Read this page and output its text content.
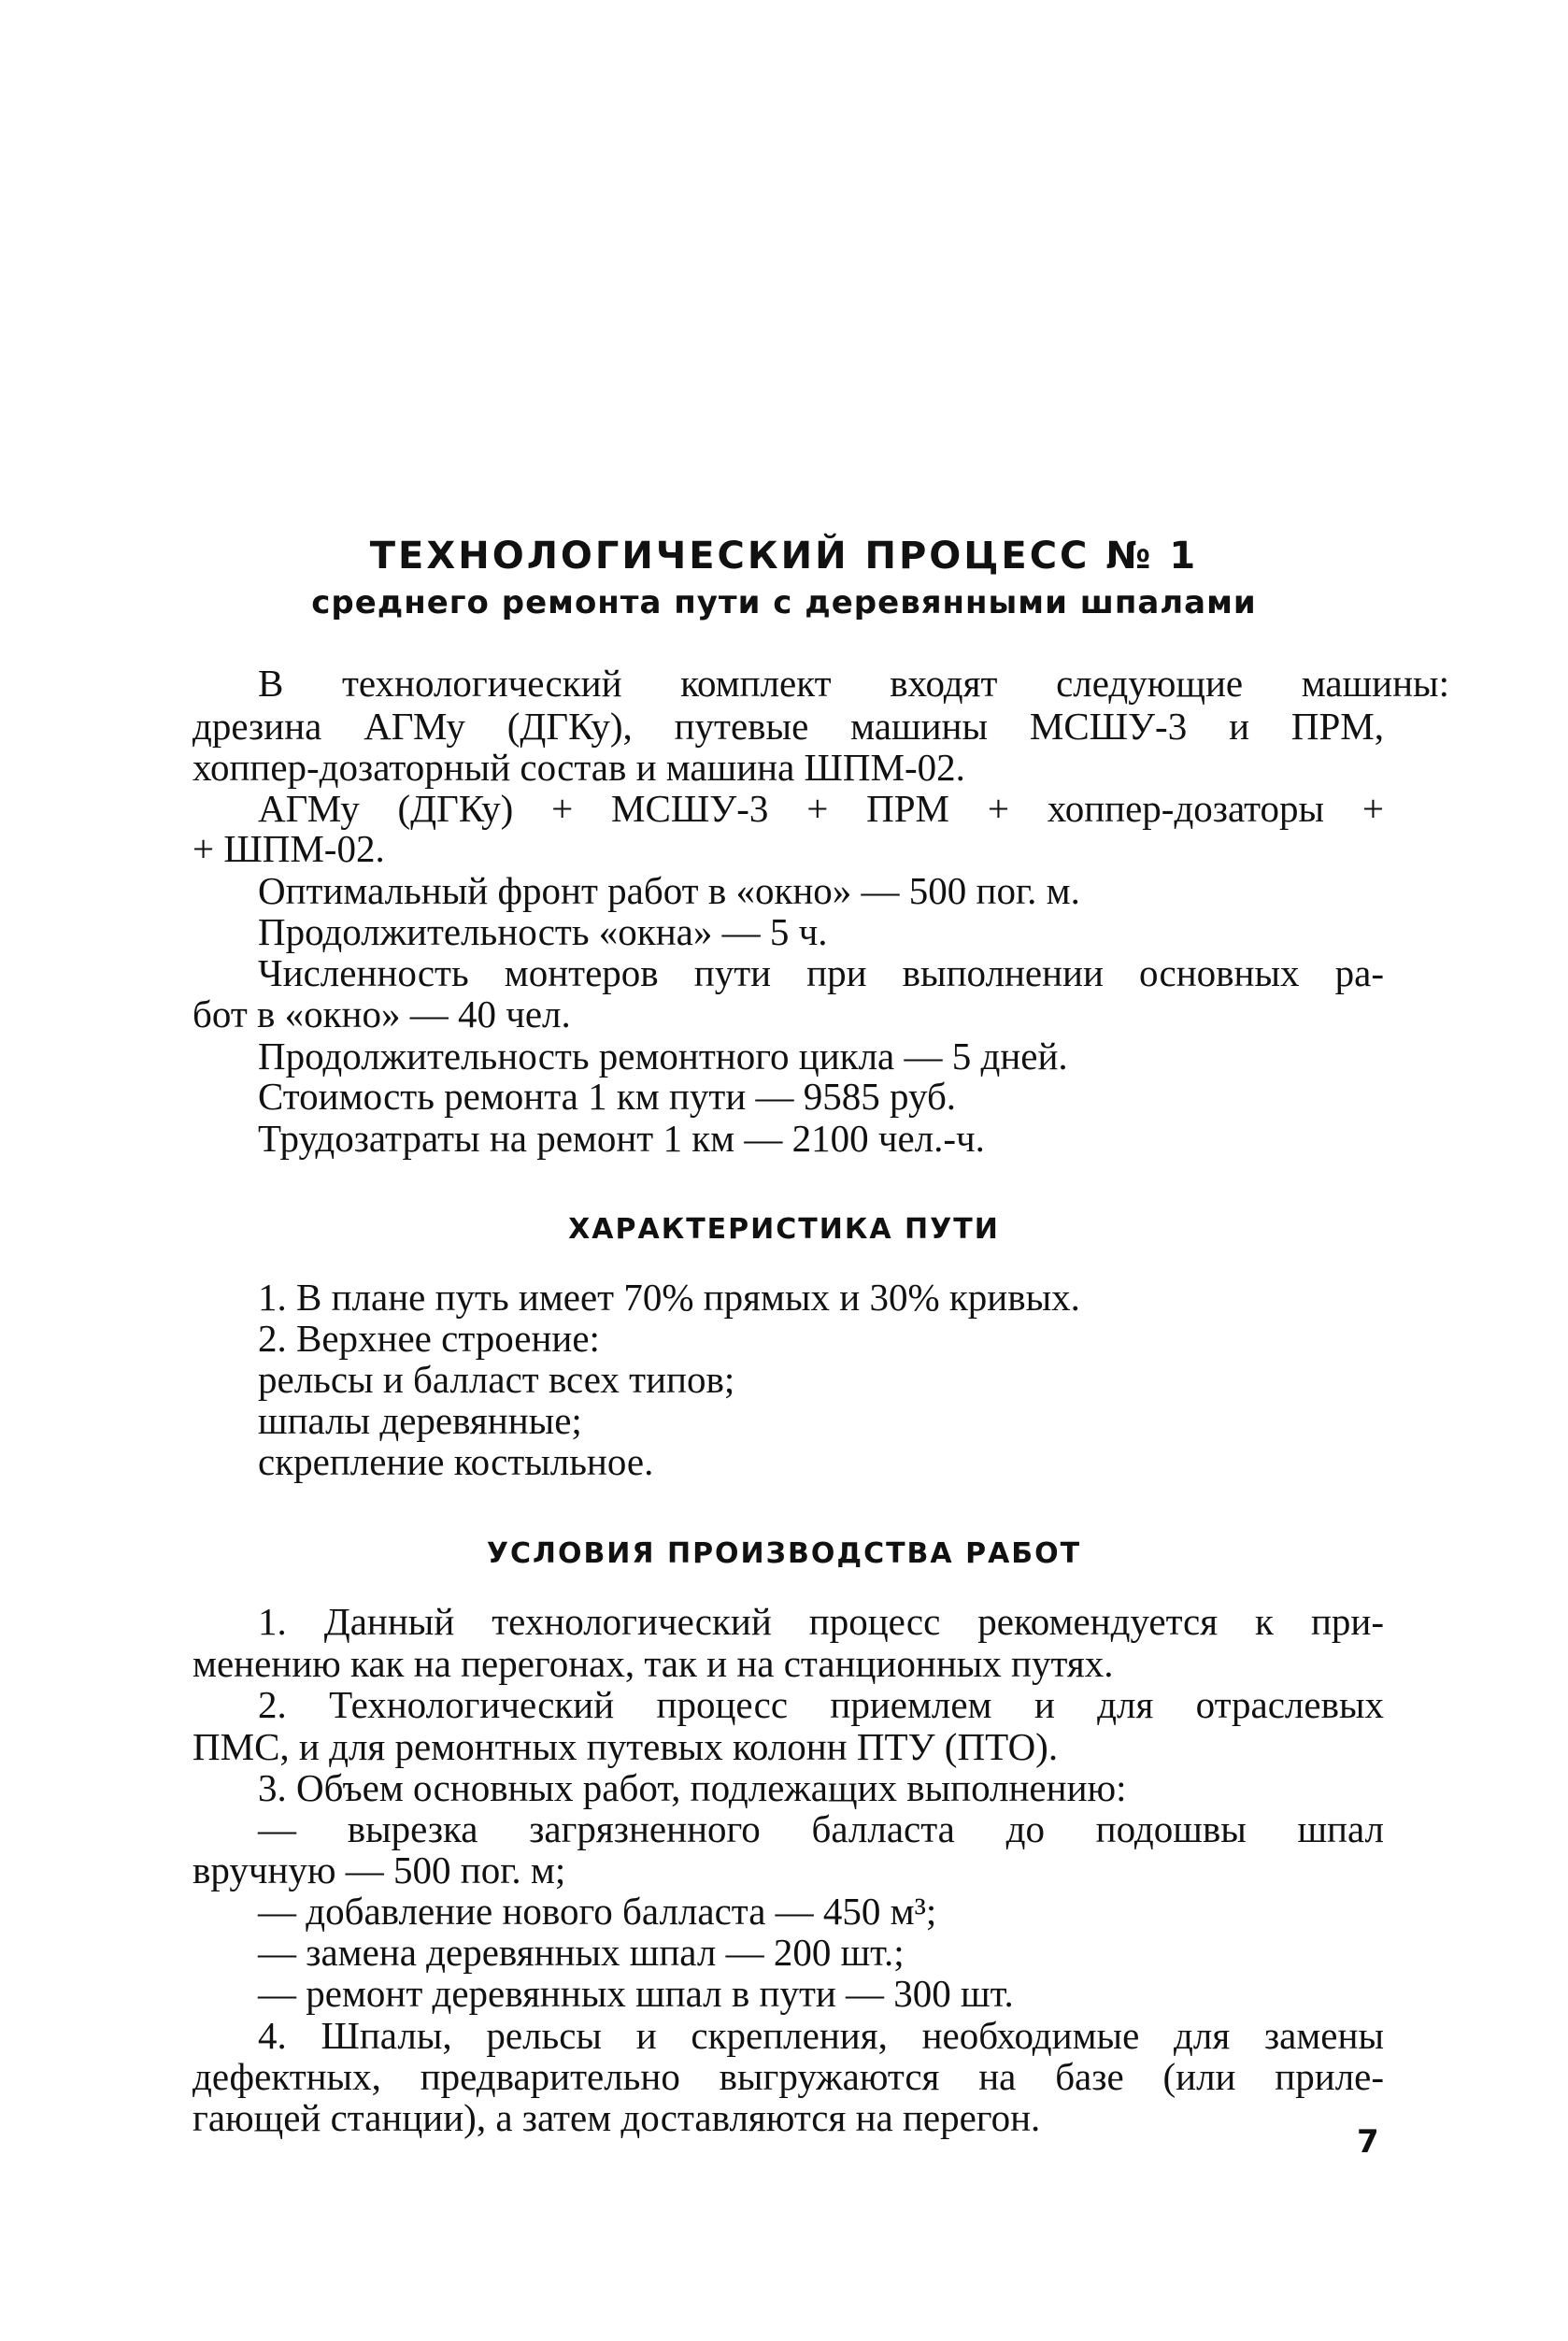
ТЕХНОЛОГИЧЕСКИЙ ПРОЦЕСС № 1
среднего ремонта пути с деревянными шпалами

В технологический комплект входят следующие машины:

дрезина АГМу (ДГКу), путевые машины МСШУ-3 и ПРМ,

хоппер-дозаторный состав и машина ШПМ-02.

АГМу (ДГКу) + МСШУ-3 + ПРМ + хоппер-дозаторы +

+ ШПМ-02.

Оптимальный фронт работ в «окно» — 500 пог. м.

Продолжительность «окна» — 5 ч.

Численность монтеров пути при выполнении основных ра-

бот в «окно» — 40 чел.

Продолжительность ремонтного цикла — 5 дней.

Стоимость ремонта 1 км пути — 9585 руб.

Трудозатраты на ремонт 1 км — 2100 чел.-ч.

ХАРАКТЕРИСТИКА ПУТИ

1. В плане путь имеет 70% прямых и 30% кривых.

2. Верхнее строение:

рельсы и балласт всех типов;

шпалы деревянные;

скрепление костыльное.

УСЛОВИЯ ПРОИЗВОДСТВА РАБОТ

1. Данный технологический процесс рекомендуется к при-

менению как на перегонах, так и на станционных путях.

2. Технологический процесс приемлем и для отраслевых

ПМС, и для ремонтных путевых колонн ПТУ (ПТО).

3. Объем основных работ, подлежащих выполнению:

— вырезка загрязненного балласта до подошвы шпал

вручную — 500 пог. м;

— добавление нового балласта — 450 м³;

— замена деревянных шпал — 200 шт.;

— ремонт деревянных шпал в пути — 300 шт.

4. Шпалы, рельсы и скрепления, необходимые для замены

дефектных, предварительно выгружаются на базе (или приле-

гающей станции), а затем доставляются на перегон.

7
